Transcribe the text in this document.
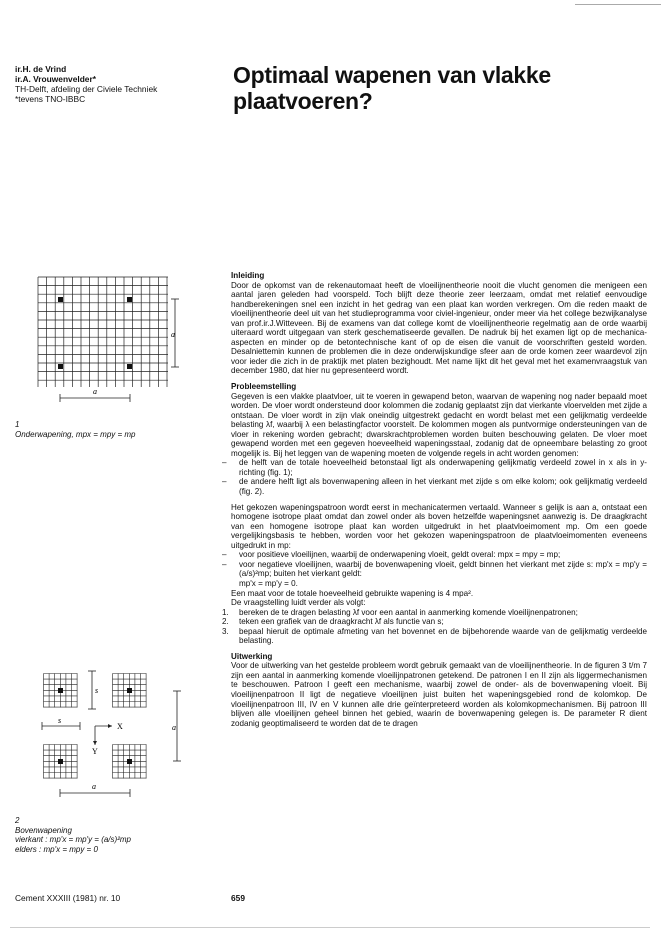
ir.H. de Vrind
ir.A. Vrouwenvelder*
TH-Delft, afdeling der Civiele Techniek
*tevens TNO-IBBC
Optimaal wapenen van vlakke
plaatvoeren?
a
a
1
Onderwapening, mpx = mpy = mp
s
s
X
Y
a
a
2
Bovenwapening
vierkant : mp'x = mp'y = (a/s)²mp
elders : mp'x = mpy = 0
Inleiding

Door de opkomst van de rekenautomaat heeft de vloeilijnentheorie nooit die vlucht genomen die menigeen een aantal jaren geleden had voorspeld. Toch blijft deze theorie zeer leerzaam, omdat met relatief eenvoudige handberekeningen snel een inzicht in het gedrag van een plaat kan worden verkregen. Om die reden maakt de vloeilijnentheorie deel uit van het studieprogramma voor civiel-ingenieur, onder meer via het college bezwijkanalyse van prof.ir.J.Witteveen. Bij de examens van dat college komt de vloeilijnentheorie regelmatig aan de orde waarbij uiteraard wordt uitgegaan van sterk geschematiseerde gevallen. De nadruk bij het examen ligt op de mechanica-aspecten en minder op de betontechnische kant of op de eisen die vanuit de voorschriften gesteld worden. Desalniettemin kunnen de problemen die in deze onderwijskundige sfeer aan de orde komen zeer waardevol zijn voor ieder die zich in de praktijk met platen bezighoudt. Met name lijkt dit het geval met het examenvraagstuk van december 1980, dat hier nu gepresenteerd wordt.

Probleemstelling

Gegeven is een vlakke plaatvloer, uit te voeren in gewapend beton, waarvan de wapening nog nader bepaald moet worden. De vloer wordt ondersteund door kolommen die zodanig geplaatst zijn dat vierkante vloervelden met zijde a ontstaan. De vloer wordt in zijn vlak oneindig uitgestrekt gedacht en wordt belast met een gelijkmatig verdeelde belasting λf, waarbij λ een belastingfactor voorstelt. De kolommen mogen als puntvormige ondersteuningen van de vloer in rekening worden gebracht; dwarskrachtproblemen worden buiten beschouwing gelaten. De vloer moet gewapend worden met een gegeven hoeveelheid wapeningsstaal, zodanig dat de opneembare belasting zo groot mogelijk is. Bij het leggen van de wapening moeten de volgende regels in acht worden genomen:

– de helft van de totale hoeveelheid betonstaal ligt als onderwapening gelijkmatig verdeeld zowel in x als in y-richting (fig. 1);
– de andere helft ligt als bovenwapening alleen in het vierkant met zijde s om elke kolom; ook gelijkmatig verdeeld (fig. 2).

Het gekozen wapeningspatroon wordt eerst in mechanicatermen vertaald. Wanneer s gelijk is aan a, ontstaat een homogene isotrope plaat omdat dan zowel onder als boven hetzelfde wapeningsnet aanwezig is. De draagkracht van een homogene isotrope plaat kan worden uitgedrukt in het plaatvloeimoment mp. Om een goede vergelijkingsbasis te hebben, worden voor het gekozen wapeningspatroon de plaatvloeimomenten eveneens uitgedrukt in mp:

– voor positieve vloeilijnen, waarbij de onderwapening vloeit, geldt overal: mpx = mpy = mp;
– voor negatieve vloeilijnen, waarbij de bovenwapening vloeit, geldt binnen het vierkant met zijde s: mp'x = mp'y = (a/s)²mp; buiten het vierkant geldt:
mp'x = mp'y = 0.

Een maat voor de totale hoeveelheid gebruikte wapening is 4 mpa².

De vraagstelling luidt verder als volgt:

1. bereken de te dragen belasting λf voor een aantal in aanmerking komende vloeilijnenpatronen;
2. teken een grafiek van de draagkracht λf als functie van s;
3. bepaal hieruit de optimale afmeting van het bovennet en de bijbehorende waarde van de gelijkmatig verdeelde belasting.
Uitwerking

Voor de uitwerking van het gestelde probleem wordt gebruik gemaakt van de vloeilijnentheorie. In de figuren 3 t/m 7 zijn een aantal in aanmerking komende vloeilijnpatronen getekend. De patronen I en II zijn als liggermechanismen te beschouwen. Patroon I geeft een mechanisme, waarbij zowel de onder- als de bovenwapening vloeit. Bij vloeilijnenpatroon II ligt de negatieve vloeilijnen juist buiten het wapeningsgebied rond de kolomkop. De vloeilijnenpatroon III, IV en V kunnen alle drie geïnterpreteerd worden als kolomkopmechanismen. Bij patroon III blijven alle vloeilijnen geheel binnen het gebied, waarin de bovenwapening gelegen is. De parameter R dient zodanig geoptimaliseerd te worden dat de te dragen

Cement XXXIII (1981) nr. 10	659
